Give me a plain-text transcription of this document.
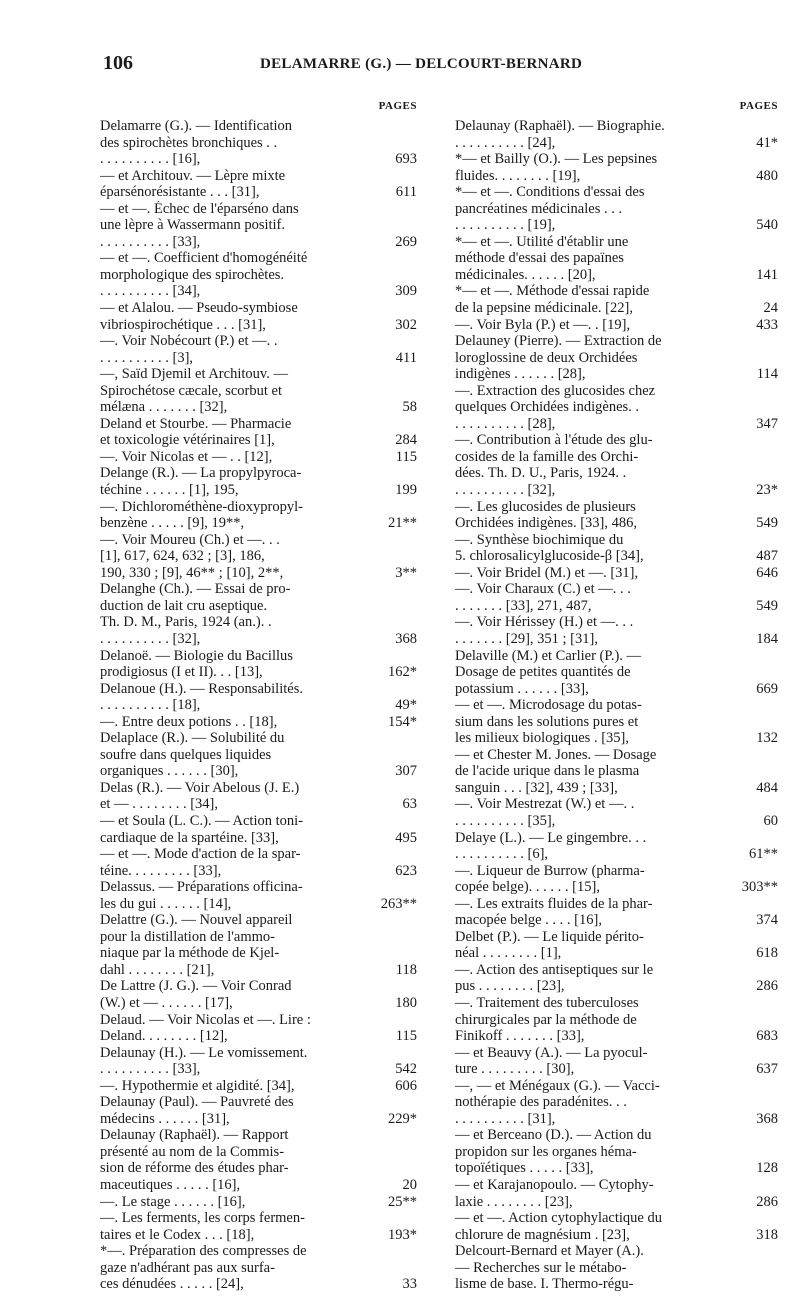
106	DELAMARRE (G.) — DELCOURT-BERNARD
PAGES
Delamarre (G.). — Identification
des spirochètes bronchiques . .
. . . . . . . . . . [16],	693
— et Architouv. — Lèpre mixte
éparsénorésistante . . . [31],	611
— et —. Échec de l'éparséno dans
une lèpre à Wassermann positif.
. . . . . . . . . . [33],	269
— et —. Coefficient d'homogénéité
morphologique des spirochètes.
. . . . . . . . . . [34],	309
— et Alalou. — Pseudo-symbiose
vibriospirochétique . . . [31],	302
—. Voir Nobécourt (P.) et —. .
. . . . . . . . . . [3],	411
—, Saïd Djemil et Architouv. —
Spirochétose cæcale, scorbut et
mélæna . . . . . . . [32],	58
Deland et Stourbe. — Pharmacie
et toxicologie vétérinaires [1],	284
—. Voir Nicolas et — . . [12],	115
Delange (R.). — La propylpyroca-
téchine . . . . . . [1], 195,	199
—. Dichlorométhène-dioxypropyl-
benzène . . . . . [9], 19**,	21**
—. Voir Moureu (Ch.) et —. . .
[1], 617, 624, 632 ; [3], 186,
190, 330 ; [9], 46** ; [10], 2**,	3**
Delanghe (Ch.). — Essai de pro-
duction de lait cru aseptique.
Th. D. M., Paris, 1924 (an.). .
. . . . . . . . . . [32],	368
Delanoë. — Biologie du Bacillus
prodigiosus (I et II). . . [13],	162*
Delanoue (H.). — Responsabilités.
. . . . . . . . . . [18],	49*
—. Entre deux potions . . [18],	154*
Delaplace (R.). — Solubilité du
soufre dans quelques liquides
organiques . . . . . . [30],	307
Delas (R.). — Voir Abelous (J. E.)
et — . . . . . . . . [34],	63
— et Soula (L. C.). — Action toni-
cardiaque de la spartéine. [33],	495
— et —. Mode d'action de la spar-
téine. . . . . . . . . [33],	623
Delassus. — Préparations officina-
les du gui . . . . . . [14],	263**
Delattre (G.). — Nouvel appareil
pour la distillation de l'ammo-
niaque par la méthode de Kjel-
dahl . . . . . . . . [21],	118
De Lattre (J. G.). — Voir Conrad
(W.) et — . . . . . . [17],	180
Delaud. — Voir Nicolas et —. Lire :
Deland. . . . . . . . [12],	115
Delaunay (H.). — Le vomissement.
. . . . . . . . . . [33],	542
—. Hypothermie et algidité. [34],	606
Delaunay (Paul). — Pauvreté des
médecins . . . . . . [31],	229*
Delaunay (Raphaël). — Rapport
présenté au nom de la Commis-
sion de réforme des études phar-
maceutiques . . . . . [16],	20
—. Le stage . . . . . . [16],	25**
—. Les ferments, les corps fermen-
taires et le Codex . . . [18],	193*
*—. Préparation des compresses de
gaze n'adhérant pas aux surfa-
ces dénudées . . . . . [24],	33
PAGES
Delaunay (Raphaël). — Biographie.
. . . . . . . . . . [24],	41*
*— et Bailly (O.). — Les pepsines
fluides. . . . . . . . [19],	480
*— et —. Conditions d'essai des
pancréatines médicinales . . .
. . . . . . . . . . [19],	540
*— et —. Utilité d'établir une
méthode d'essai des papaïnes
médicinales. . . . . . [20],	141
*— et —. Méthode d'essai rapide
de la pepsine médicinale. [22],	24
—. Voir Byla (P.) et —. . [19],	433
Delauney (Pierre). — Extraction de
loroglossine de deux Orchidées
indigènes . . . . . . [28],	114
—. Extraction des glucosides chez
quelques Orchidées indigènes. .
. . . . . . . . . . [28],	347
—. Contribution à l'étude des glu-
cosides de la famille des Orchi-
dées. Th. D. U., Paris, 1924. .
. . . . . . . . . . [32],	23*
—. Les glucosides de plusieurs
Orchidées indigènes. [33], 486,	549
—. Synthèse biochimique du
5. chlorosalicylglucoside-β [34],	487
—. Voir Bridel (M.) et —. [31],	646
—. Voir Charaux (C.) et —. . .
. . . . . . . [33], 271, 487,	549
—. Voir Hérissey (H.) et —. . .
. . . . . . . [29], 351 ; [31],	184
Delaville (M.) et Carlier (P.). —
Dosage de petites quantités de
potassium . . . . . . [33],	669
— et —. Microdosage du potas-
sium dans les solutions pures et
les milieux biologiques . [35],	132
— et Chester M. Jones. — Dosage
de l'acide urique dans le plasma
sanguin . . . [32], 439 ; [33],	484
—. Voir Mestrezat (W.) et —. .
. . . . . . . . . . [35],	60
Delaye (L.). — Le gingembre. . .
. . . . . . . . . . [6],	61**
—. Liqueur de Burrow (pharma-
copée belge). . . . . . [15],	303**
—. Les extraits fluides de la phar-
macopée belge . . . . [16],	374
Delbet (P.). — Le liquide périto-
néal . . . . . . . . [1],	618
—. Action des antiseptiques sur le
pus . . . . . . . . [23],	286
—. Traitement des tuberculoses
chirurgicales par la méthode de
Finikoff . . . . . . . [33],	683
— et Beauvy (A.). — La pyocul-
ture . . . . . . . . . [30],	637
—, — et Ménégaux (G.). — Vacci-
nothérapie des paradénites. . .
. . . . . . . . . . [31],	368
— et Berceano (D.). — Action du
propidon sur les organes héma-
topoïétiques . . . . . [33],	128
— et Karajanopoulo. — Cytophy-
laxie . . . . . . . . [23],	286
— et —. Action cytophylactique du
chlorure de magnésium . [23],	318
Delcourt-Bernard et Mayer (A.).
— Recherches sur le métabo-
lisme de base. I. Thermo-régu-
